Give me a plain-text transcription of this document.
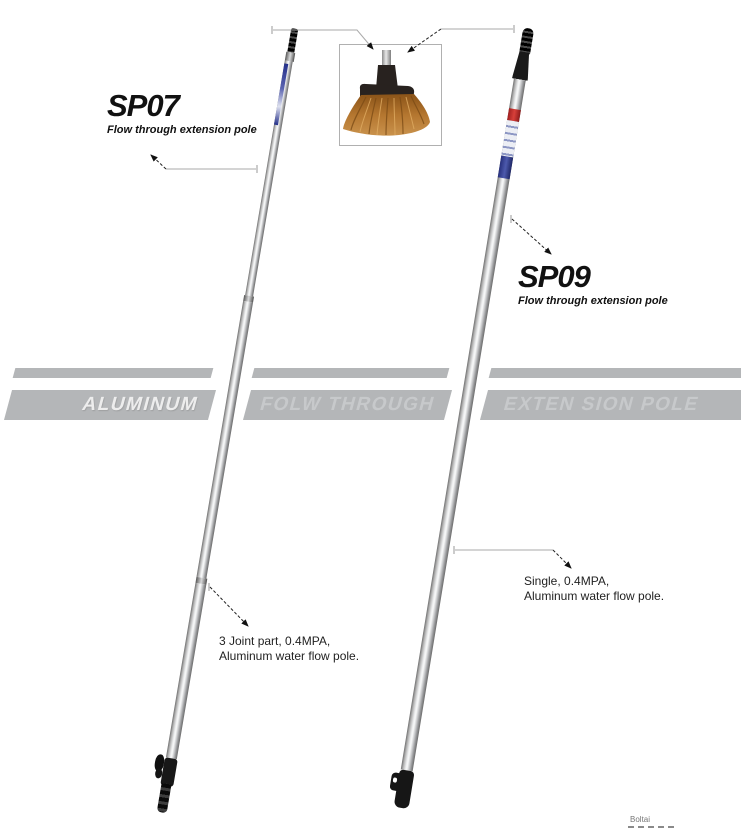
ALUMINUM	FOLW THROUGH	EXTEN SION POLE
SP07
Flow through extension pole
SP09
Flow through extension pole
3 Joint part, 0.4MPA,
Aluminum water flow pole.
Single, 0.4MPA,
Aluminum water flow pole.
Boltai
